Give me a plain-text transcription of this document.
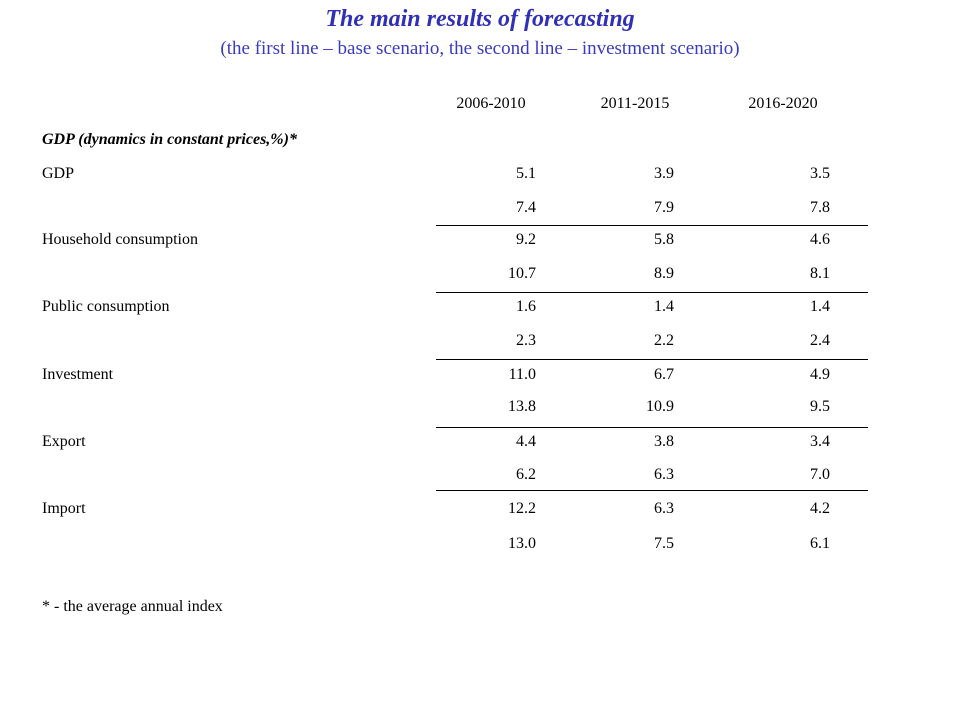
The main results of forecasting
(the first line – base scenario, the second line – investment scenario)
2006-2010	2011-2015	2016-2020
GDP (dynamics in constant prices,%)*
GDP	5.1	3.9	3.5
7.4	7.9	7.8
Household consumption	9.2	5.8	4.6
10.7	8.9	8.1
Public consumption	1.6	1.4	1.4
2.3	2.2	2.4
Investment	11.0	6.7	4.9
13.8	10.9	9.5
Export	4.4	3.8	3.4
6.2	6.3	7.0
Import	12.2	6.3	4.2
13.0	7.5	6.1
* - the average annual index
